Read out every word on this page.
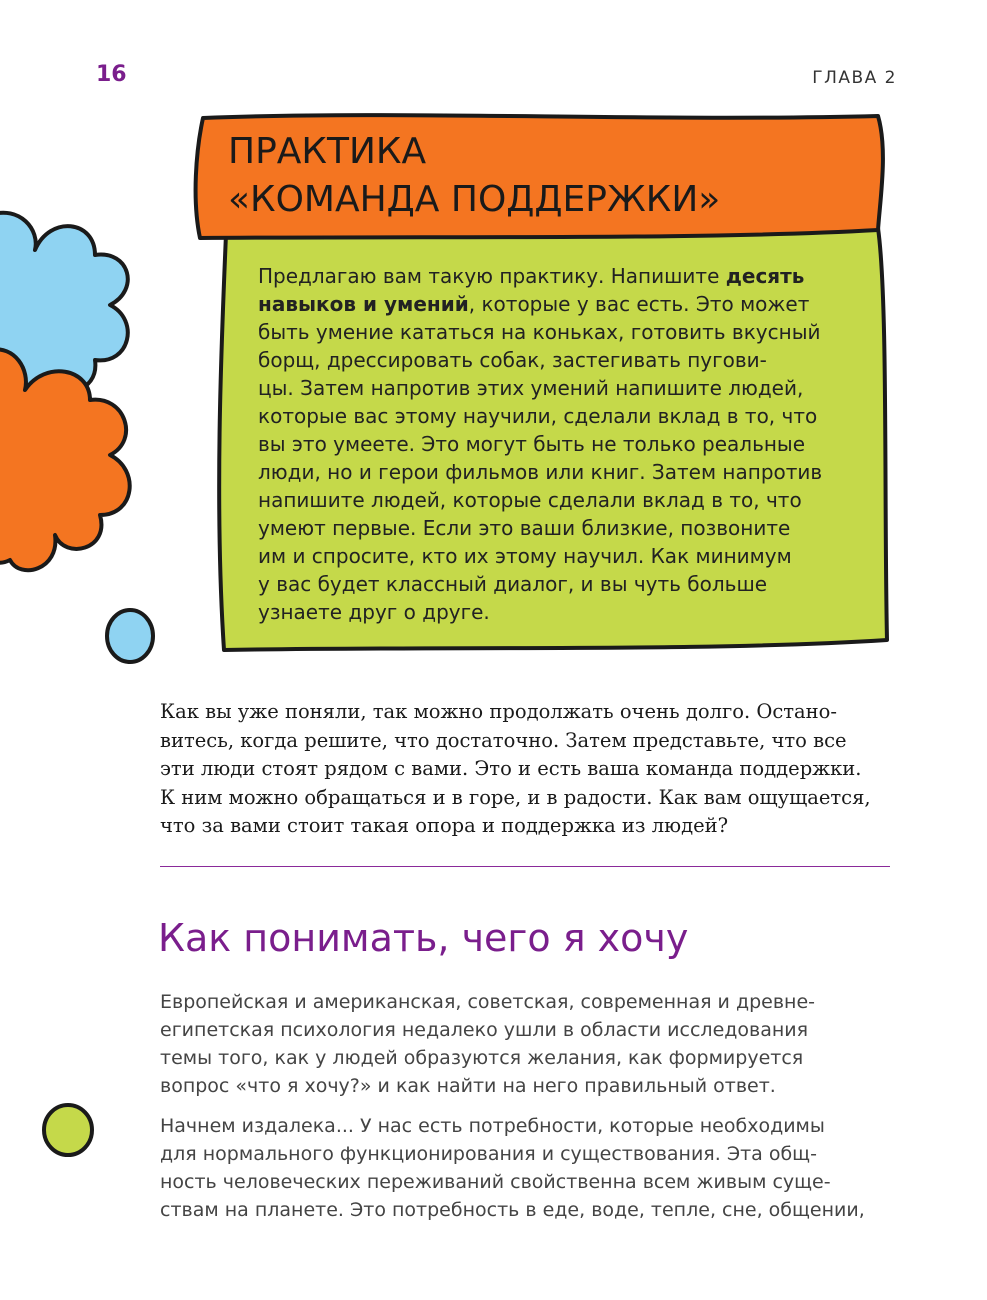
16	ГЛАВА 2
ПРАКТИКА
«КОМАНДА ПОДДЕРЖКИ»
Предлагаю вам такую практику. Напишите десять
навыков и умений, которые у вас есть. Это может
быть умение кататься на коньках, готовить вкусный
борщ, дрессировать собак, застегивать пугови-
цы. Затем напротив этих умений напишите людей,
которые вас этому научили, сделали вклад в то, что
вы это умеете. Это могут быть не только реальные
люди, но и герои фильмов или книг. Затем напротив
напишите людей, которые сделали вклад в то, что
умеют первые. Если это ваши близкие, позвоните
им и спросите, кто их этому научил. Как минимум
у вас будет классный диалог, и вы чуть больше
узнаете друг о друге.

Как вы уже поняли, так можно продолжать очень долго. Остано-
витесь, когда решите, что достаточно. Затем представьте, что все
эти люди стоят рядом с вами. Это и есть ваша команда поддержки.
К ним можно обращаться и в горе, и в радости. Как вам ощущается,
что за вами стоит такая опора и поддержка из людей?

Как понимать, чего я хочу

Европейская и американская, советская, современная и древне-
египетская психология недалеко ушли в области исследования
темы того, как у людей образуются желания, как формируется
вопрос «что я хочу?» и как найти на него правильный ответ.

Начнем издалека... У нас есть потребности, которые необходимы
для нормального функционирования и существования. Эта общ-
ность человеческих переживаний свойственна всем живым суще-
ствам на планете. Это потребность в еде, воде, тепле, сне, общении,
